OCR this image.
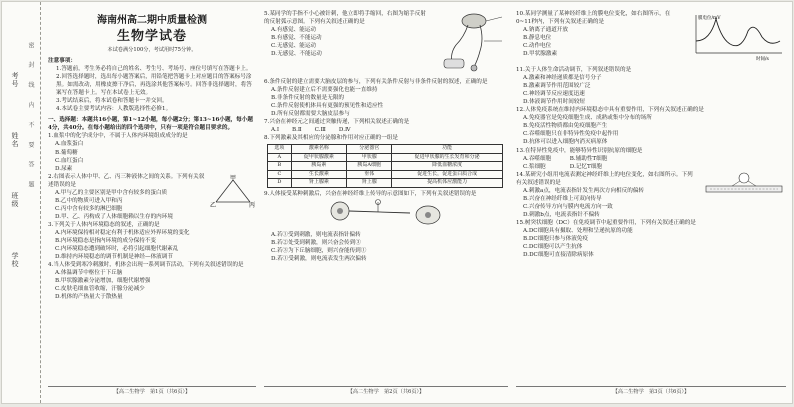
学校
班级
姓名
考号 密 封 线 内 不 要 答 题
海南州高二期中质量检测
生物学试卷
本试卷满分100分，考试用时75分钟。
注意事项：

1.答题前，考生务必将自己的姓名、考生号、考场号、座位号填写在答题卡上。

2.回答选择题时，选出每小题答案后，用铅笔把答题卡上对应题目的答案标号涂黑。如需改动，用橡皮擦干净后，再选涂其他答案标号。回答非选择题时，将答案写在答题卡上。写在本试卷上无效。

3.考试结束后，将本试卷和答题卡一并交回。

4.本试卷主要考试内容：人教版选择性必修1。

一、选择题：本题共16小题，第1~12小题，每小题2分；第13~16小题，每小题4分，共40分。在每小题给出的四个选项中，只有一项是符合题目要求的。

1.血浆中的化学成分中，不属于人体内环境组成成分的是

A.血浆蛋白

B.葡萄糖

C.血红蛋白

D.尿素

甲
乙	丙

2.右图表示人体中甲、乙、丙三种液体之间的关系。下列有关叙述错误的是

A.甲与乙的主要区别是甲中含有较多的蛋白质

B.乙中的物质可进入甲和丙

C.丙中含有较多的淋巴细胞

D.甲、乙、丙构成了人体细胞赖以生存的内环境

3.下列关于人体内环境稳态的叙述，正确的是

A.内环境保持相对稳定有利于机体适应外界环境的变化

B.内环境稳态是指内环境的成分保持不变

C.内环境稳态遭到破坏时，必将引起细胞代谢紊乱

D.维持内环境稳态的调节机制是神经—体液调节

4.当人体受到寒冷刺激时，机体会出现一系列调节活动，下列有关叙述错误的是

A.体温调节中枢位于下丘脑

B.甲状腺激素分泌增加，细胞代谢增强

C.皮肤毛细血管收缩，汗腺分泌减少

D.机体的产热量大于散热量

5.某同学的手指不小心被针刺，他立即将手缩回，右图为缩手反射的反射弧示意图。下列有关叙述正确的是

A.有感觉、能运动

B.有感觉、不能运动

C.无感觉、能运动

D.无感觉、不能运动

6.条件反射的建立需要大脑皮层的参与，下列有关条件反射与非条件反射的叙述，正确的是

A.条件反射建立后不需要强化也能一直维持

B.非条件反射的数量是无限的

C.条件反射使机体具有更强的预见性和适应性

D.所有反射都需要大脑皮层参与

7.兴奋在神经元之间通过突触传递，下列相关叙述正确的是

A.Ⅰ　　 B.Ⅱ　　 C.Ⅲ　　 D.Ⅳ

8.下列激素及其相应的分泌腺和作用对应正确的一组是

选项	激素名称	分泌器官	功能
A	促甲状腺激素	甲状腺	促进甲状腺的生长发育和分泌
B	胰岛素	胰岛A细胞	降低血糖浓度
C	生长激素	垂体	促进生长，促进蛋白质合成
D	肾上腺素	肾上腺	提高机体应激能力

9.人体接受某种刺激后，兴奋在神经纤维上传导的示意图如下，下列有关叙述错误的是

A.若①受到刺激，则电流表指针偏转

B.若②处受到刺激，则兴奋会传到③

C.若③为下丘脑细胞，则兴奋能传到①

D.若①受刺激，则电流表发生两次偏转

膜电位/mV
时间/s

10.某同学测量了某神经纤维上的膜电位变化，如右图所示，在0~11秒内，下列有关叙述正确的是

A.钠离子通道开放

B.静息电位

C.动作电位

D.甲状腺激素

11.关于人体生命活动调节，下列叙述错误的是

A.激素和神经递质都是信号分子

B.激素调节作用范围较广泛

C.神经调节反应速度迅速

D.体液调节作用时间较短

12.人体免疫系统在维持内环境稳态中具有重要作用，下列有关叙述正确的是

A.免疫器官是免疫细胞生成、成熟或集中分布的场所

B.免疫活性物质都由免疫细胞产生

C.吞噬细胞只在非特异性免疫中起作用

D.抗体可以进入细胞内消灭病原体

13.在特异性免疫中，能够特异性识别抗原的细胞是

A.吞噬细胞　　　	B.辅助性T细胞

C.浆细胞　　　　	D.记忆T细胞

14.某研究小组用电流表测定神经纤维上的电位变化，如右图所示。下列有关叙述错误的是

A.刺激a点，电流表指针发生两次方向相反的偏转

B.兴奋在神经纤维上可双向传导

C.兴奋传导方向与膜内电流方向一致

D.刺激b点，电流表指针不偏转

15.树突状细胞（DC）在免疫调节中起重要作用，下列有关叙述正确的是

A.DC细胞具有摄取、处理和呈递抗原的功能

B.DC细胞只参与体液免疫

C.DC细胞可以产生抗体

D.DC细胞可直接清除病原体

【高二生物学　第1页（共6页）】	【高二生物学　第2页（共6页）】	【高二生物学　第3页（共6页）】
